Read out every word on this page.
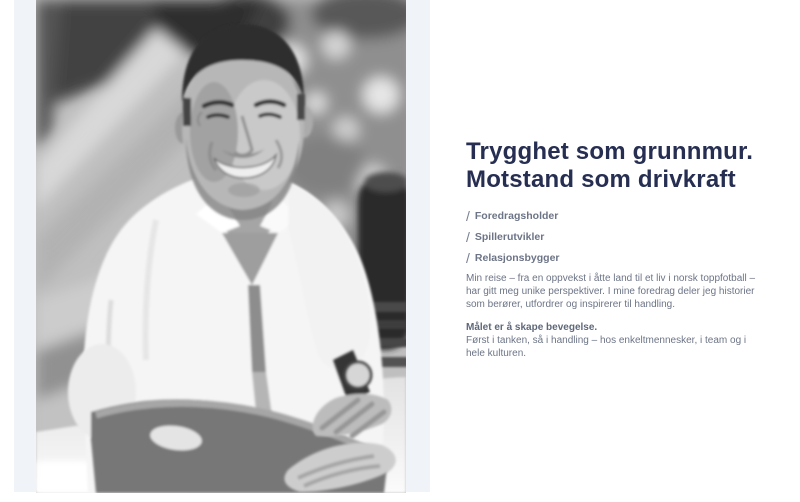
Trygghet som grunnmur.
Motstand som drivkraft
/ Foredragsholder
/ Spillerutvikler
/ Relasjonsbygger

Min reise – fra en oppvekst i åtte land til et liv i norsk toppfotball – har gitt meg unike perspektiver. I mine foredrag deler jeg historier som berører, utfordrer og inspirerer til handling.

Målet er å skape bevegelse.
Først i tanken, så i handling – hos enkeltmennesker, i team og i hele kulturen.
